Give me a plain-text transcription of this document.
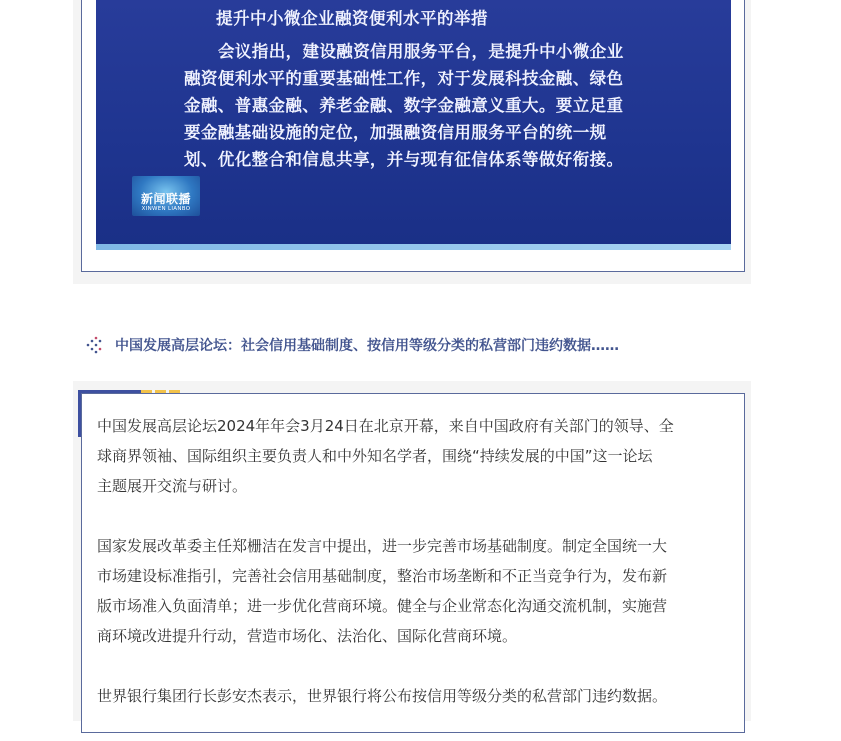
提升中小微企业融资便利水平的举措
会议指出，建设融资信用服务平台，是提升中小微企业
融资便利水平的重要基础性工作，对于发展科技金融、绿色
金融、普惠金融、养老金融、数字金融意义重大。要立足重
要金融基础设施的定位，加强融资信用服务平台的统一规
划、优化整合和信息共享，并与现有征信体系等做好衔接。
新闻联播
XINWEN LIANBO
中国发展高层论坛：社会信用基础制度、按信用等级分类的私营部门违约数据……
中国发展高层论坛2024年年会3月24日在北京开幕，来自中国政府有关部门的领导、全
球商界领袖、国际组织主要负责人和中外知名学者，围绕“持续发展的中国”这一论坛
主题展开交流与研讨。
国家发展改革委主任郑栅洁在发言中提出，进一步完善市场基础制度。制定全国统一大
市场建设标准指引，完善社会信用基础制度，整治市场垄断和不正当竞争行为，发布新
版市场准入负面清单；进一步优化营商环境。健全与企业常态化沟通交流机制，实施营
商环境改进提升行动，营造市场化、法治化、国际化营商环境。
世界银行集团行长彭安杰表示，世界银行将公布按信用等级分类的私营部门违约数据。
